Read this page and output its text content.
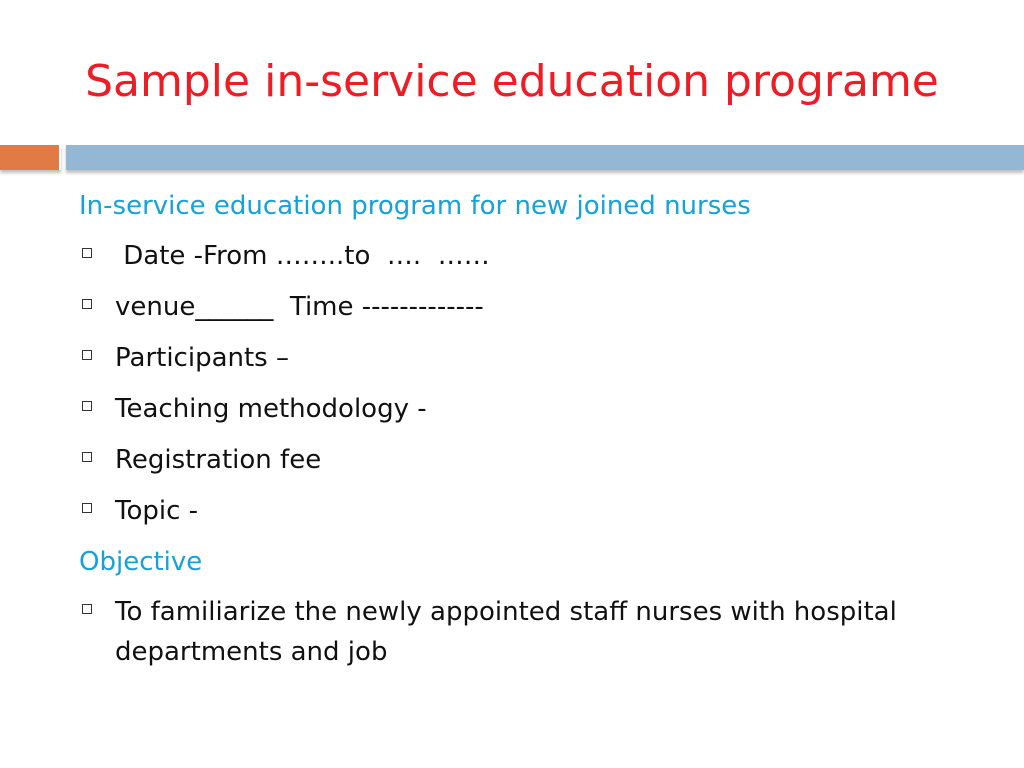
Sample in-service education programe
In-service education program for new joined nurses
Date -From ……..to  ….  ……
venue______  Time -------------
Participants –
Teaching methodology -
Registration fee
Topic -
Objective
To familiarize the newly appointed staff nurses with hospital departments and job
